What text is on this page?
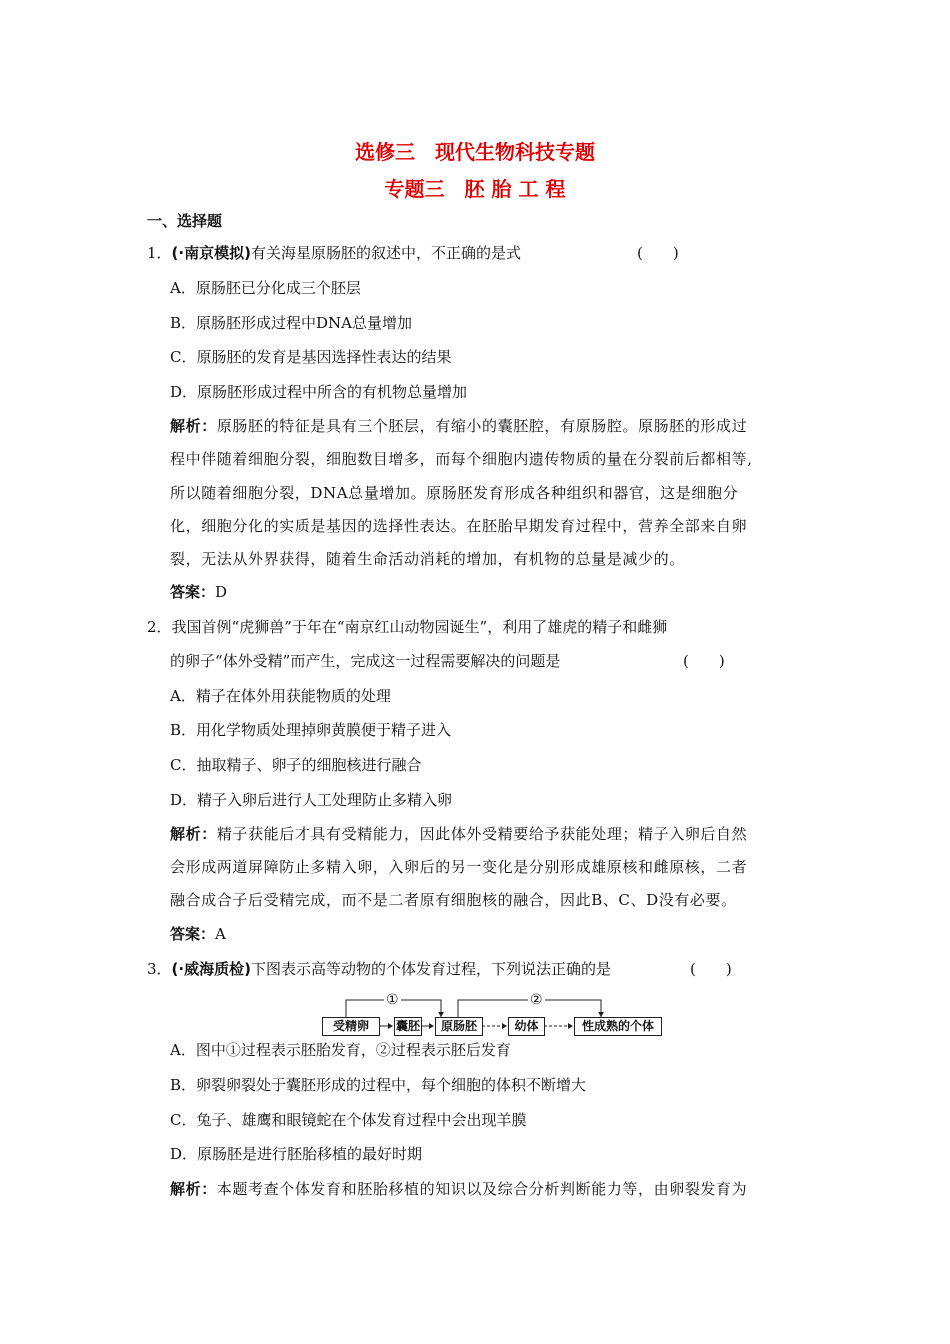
选修三　现代生物科技专题
专题三　胚 胎 工 程
一、选择题
1．(·南京模拟)有关海星原肠胚的叙述中，不正确的是式	(　　)
A．原肠胚已分化成三个胚层
B．原肠胚形成过程中DNA总量增加
C．原肠胚的发育是基因选择性表达的结果
D．原肠胚形成过程中所含的有机物总量增加
解析：原肠胚的特征是具有三个胚层，有缩小的囊胚腔，有原肠腔。原肠胚的形成过
程中伴随着细胞分裂，细胞数目增多，而每个细胞内遗传物质的量在分裂前后都相等,
所以随着细胞分裂，DNA总量增加。原肠胚发育形成各种组织和器官，这是细胞分
化，细胞分化的实质是基因的选择性表达。在胚胎早期发育过程中，营养全部来自卵
裂，无法从外界获得，随着生命活动消耗的增加，有机物的总量是减少的。
答案：D
2．我国首例“虎狮兽”于年在“南京红山动物园诞生”，利用了雄虎的精子和雌狮
的卵子“体外受精”而产生，完成这一过程需要解决的问题是	(　　)
A．精子在体外用获能物质的处理
B．用化学物质处理掉卵黄膜便于精子进入
C．抽取精子、卵子的细胞核进行融合
D．精子入卵后进行人工处理防止多精入卵
解析：精子获能后才具有受精能力，因此体外受精要给予获能处理；精子入卵后自然
会形成两道屏障防止多精入卵，入卵后的另一变化是分别形成雄原核和雌原核，二者
融合成合子后受精完成，而不是二者原有细胞核的融合，因此B、C、D没有必要。
答案：A
3．(·威海质检)下图表示高等动物的个体发育过程，下列说法正确的是	(　　)
①	②
受精卵	囊胚	原肠胚	幼体	性成熟的个体
A．图中①过程表示胚胎发育，②过程表示胚后发育
B．卵裂卵裂处于囊胚形成的过程中，每个细胞的体积不断增大
C．兔子、雄鹰和眼镜蛇在个体发育过程中会出现羊膜
D．原肠胚是进行胚胎移植的最好时期
解析：本题考查个体发育和胚胎移植的知识以及综合分析判断能力等，由卵裂发育为
